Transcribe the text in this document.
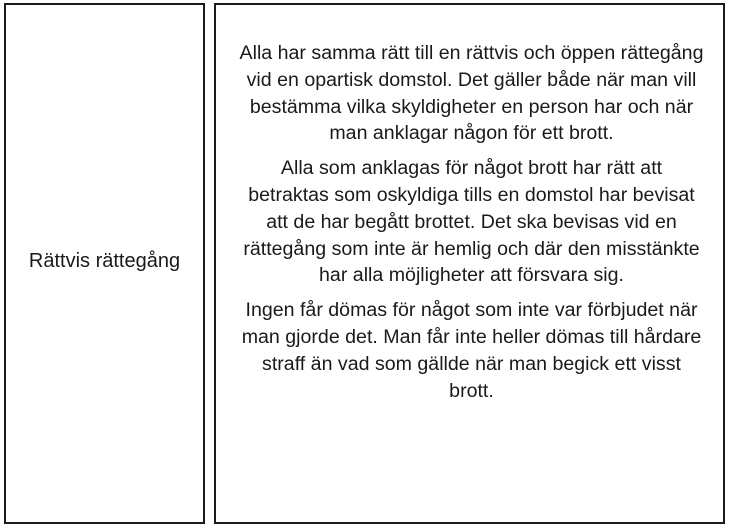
Rättvis rättegång

Alla har samma rätt till en rättvis och öppen rättegång vid en opartisk domstol. Det gäller både när man vill bestämma vilka skyldigheter en person har och när man anklagar någon för ett brott.

Alla som anklagas för något brott har rätt att betraktas som oskyldiga tills en domstol har bevisat att de har begått brottet. Det ska bevisas vid en rättegång som inte är hemlig och där den misstänkte har alla möjligheter att försvara sig.

Ingen får dömas för något som inte var förbjudet när man gjorde det. Man får inte heller dömas till hårdare straff än vad som gällde när man begick ett visst brott.
